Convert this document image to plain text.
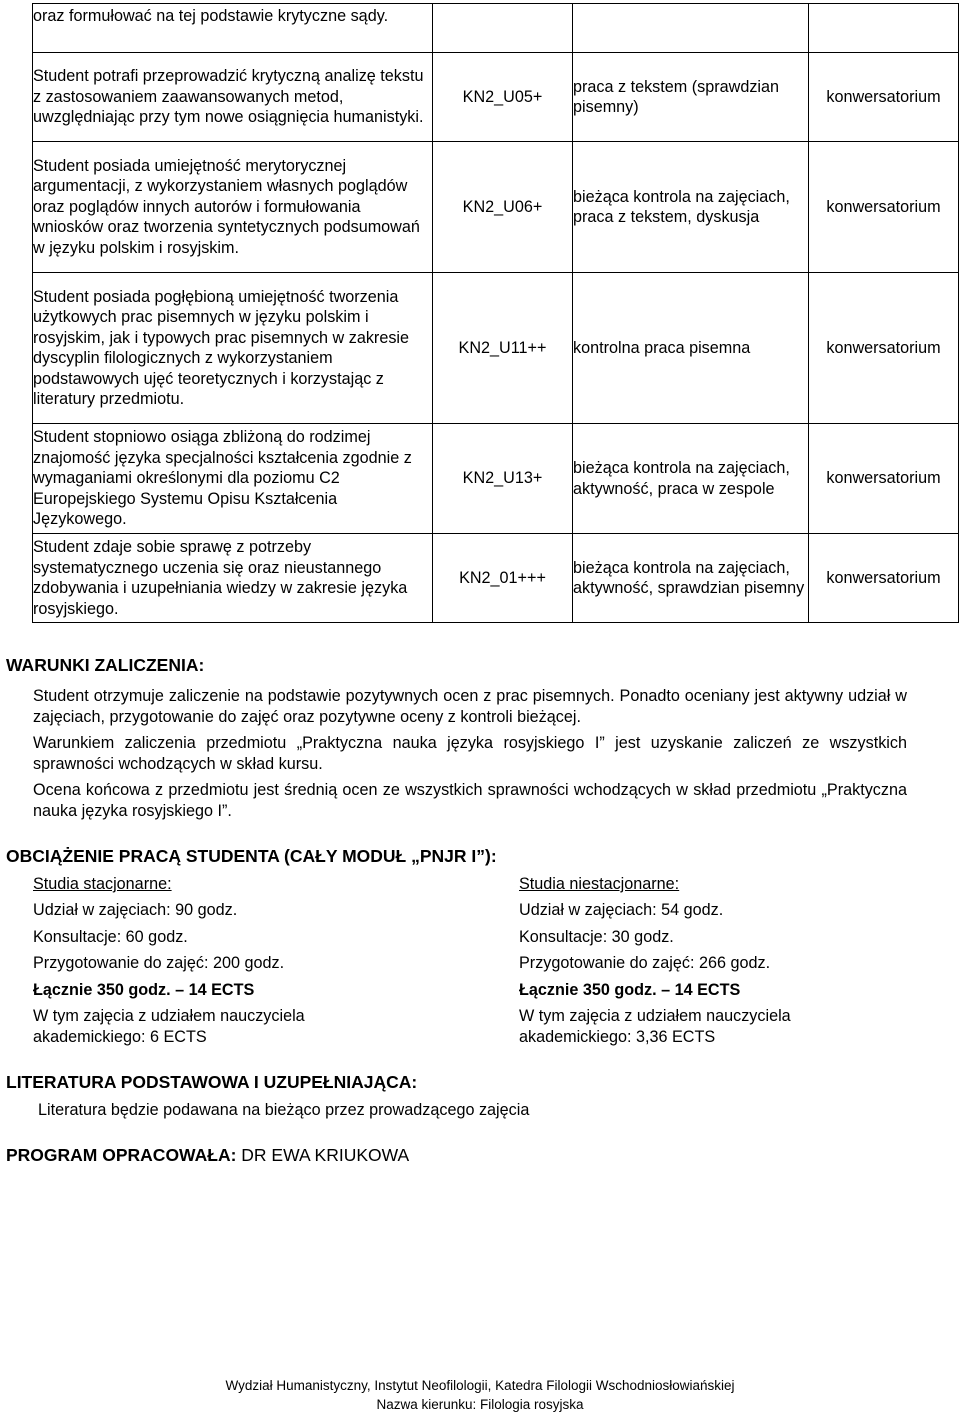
oraz formułować na tej podstawie krytyczne sądy.			

Student potrafi przeprowadzić krytyczną analizę tekstu z zastosowaniem zaawansowanych metod, uwzględniając przy tym nowe osiągnięcia humanistyki.	KN2_U05+	praca z tekstem (sprawdzian pisemny)	konwersatorium

Student posiada umiejętność merytorycznej argumentacji, z wykorzystaniem własnych poglądów oraz poglądów innych autorów i formułowania wniosków oraz tworzenia syntetycznych podsumowań w języku polskim i rosyjskim.	KN2_U06+	bieżąca kontrola na zajęciach, praca z tekstem, dyskusja	konwersatorium

Student posiada pogłębioną umiejętność tworzenia użytkowych prac pisemnych w języku polskim i rosyjskim, jak i typowych prac pisemnych w zakresie dyscyplin filologicznych z wykorzystaniem podstawowych ujęć teoretycznych i korzystając z literatury przedmiotu.	KN2_U11++	kontrolna praca pisemna	konwersatorium

Student stopniowo osiąga zbliżoną do rodzimej znajomość języka specjalności kształcenia zgodnie z wymaganiami określonymi dla poziomu C2 Europejskiego Systemu Opisu Kształcenia Językowego.	KN2_U13+	bieżąca kontrola na zajęciach, aktywność, praca w zespole	konwersatorium

Student zdaje sobie sprawę z potrzeby systematycznego uczenia się oraz nieustannego zdobywania i uzupełniania wiedzy w zakresie języka rosyjskiego.	KN2_01+++	bieżąca kontrola na zajęciach, aktywność, sprawdzian pisemny	konwersatorium
WARUNKI ZALICZENIA:
Student otrzymuje zaliczenie na podstawie pozytywnych ocen z prac pisemnych. Ponadto oceniany jest aktywny udział w zajęciach, przygotowanie do zajęć oraz pozytywne oceny z kontroli bieżącej.
Warunkiem zaliczenia przedmiotu „Praktyczna nauka języka rosyjskiego I” jest uzyskanie zaliczeń ze wszystkich sprawności wchodzących w skład kursu.
Ocena końcowa z przedmiotu jest średnią ocen ze wszystkich sprawności wchodzących w skład przedmiotu „Praktyczna nauka języka rosyjskiego I”.
OBCIĄŻENIE PRACĄ STUDENTA (CAŁY MODUŁ „PNJR I”):
Studia stacjonarne:
Udział w zajęciach: 90 godz.
Konsultacje: 60 godz.
Przygotowanie do zajęć: 200 godz.
Łącznie 350 godz. – 14 ECTS
W tym zajęcia z udziałem nauczyciela
akademickiego: 6 ECTS
Studia niestacjonarne:
Udział w zajęciach: 54 godz.
Konsultacje: 30 godz.
Przygotowanie do zajęć: 266 godz.
Łącznie 350 godz. – 14 ECTS
W tym zajęcia z udziałem nauczyciela
akademickiego: 3,36 ECTS
LITERATURA PODSTAWOWA I UZUPEŁNIAJĄCA:
Literatura będzie podawana na bieżąco przez prowadzącego zajęcia
PROGRAM OPRACOWAŁA: DR EWA KRIUKOWA
Wydział Humanistyczny, Instytut Neofilologii, Katedra Filologii Wschodniosłowiańskiej
Nazwa kierunku: Filologia rosyjska
